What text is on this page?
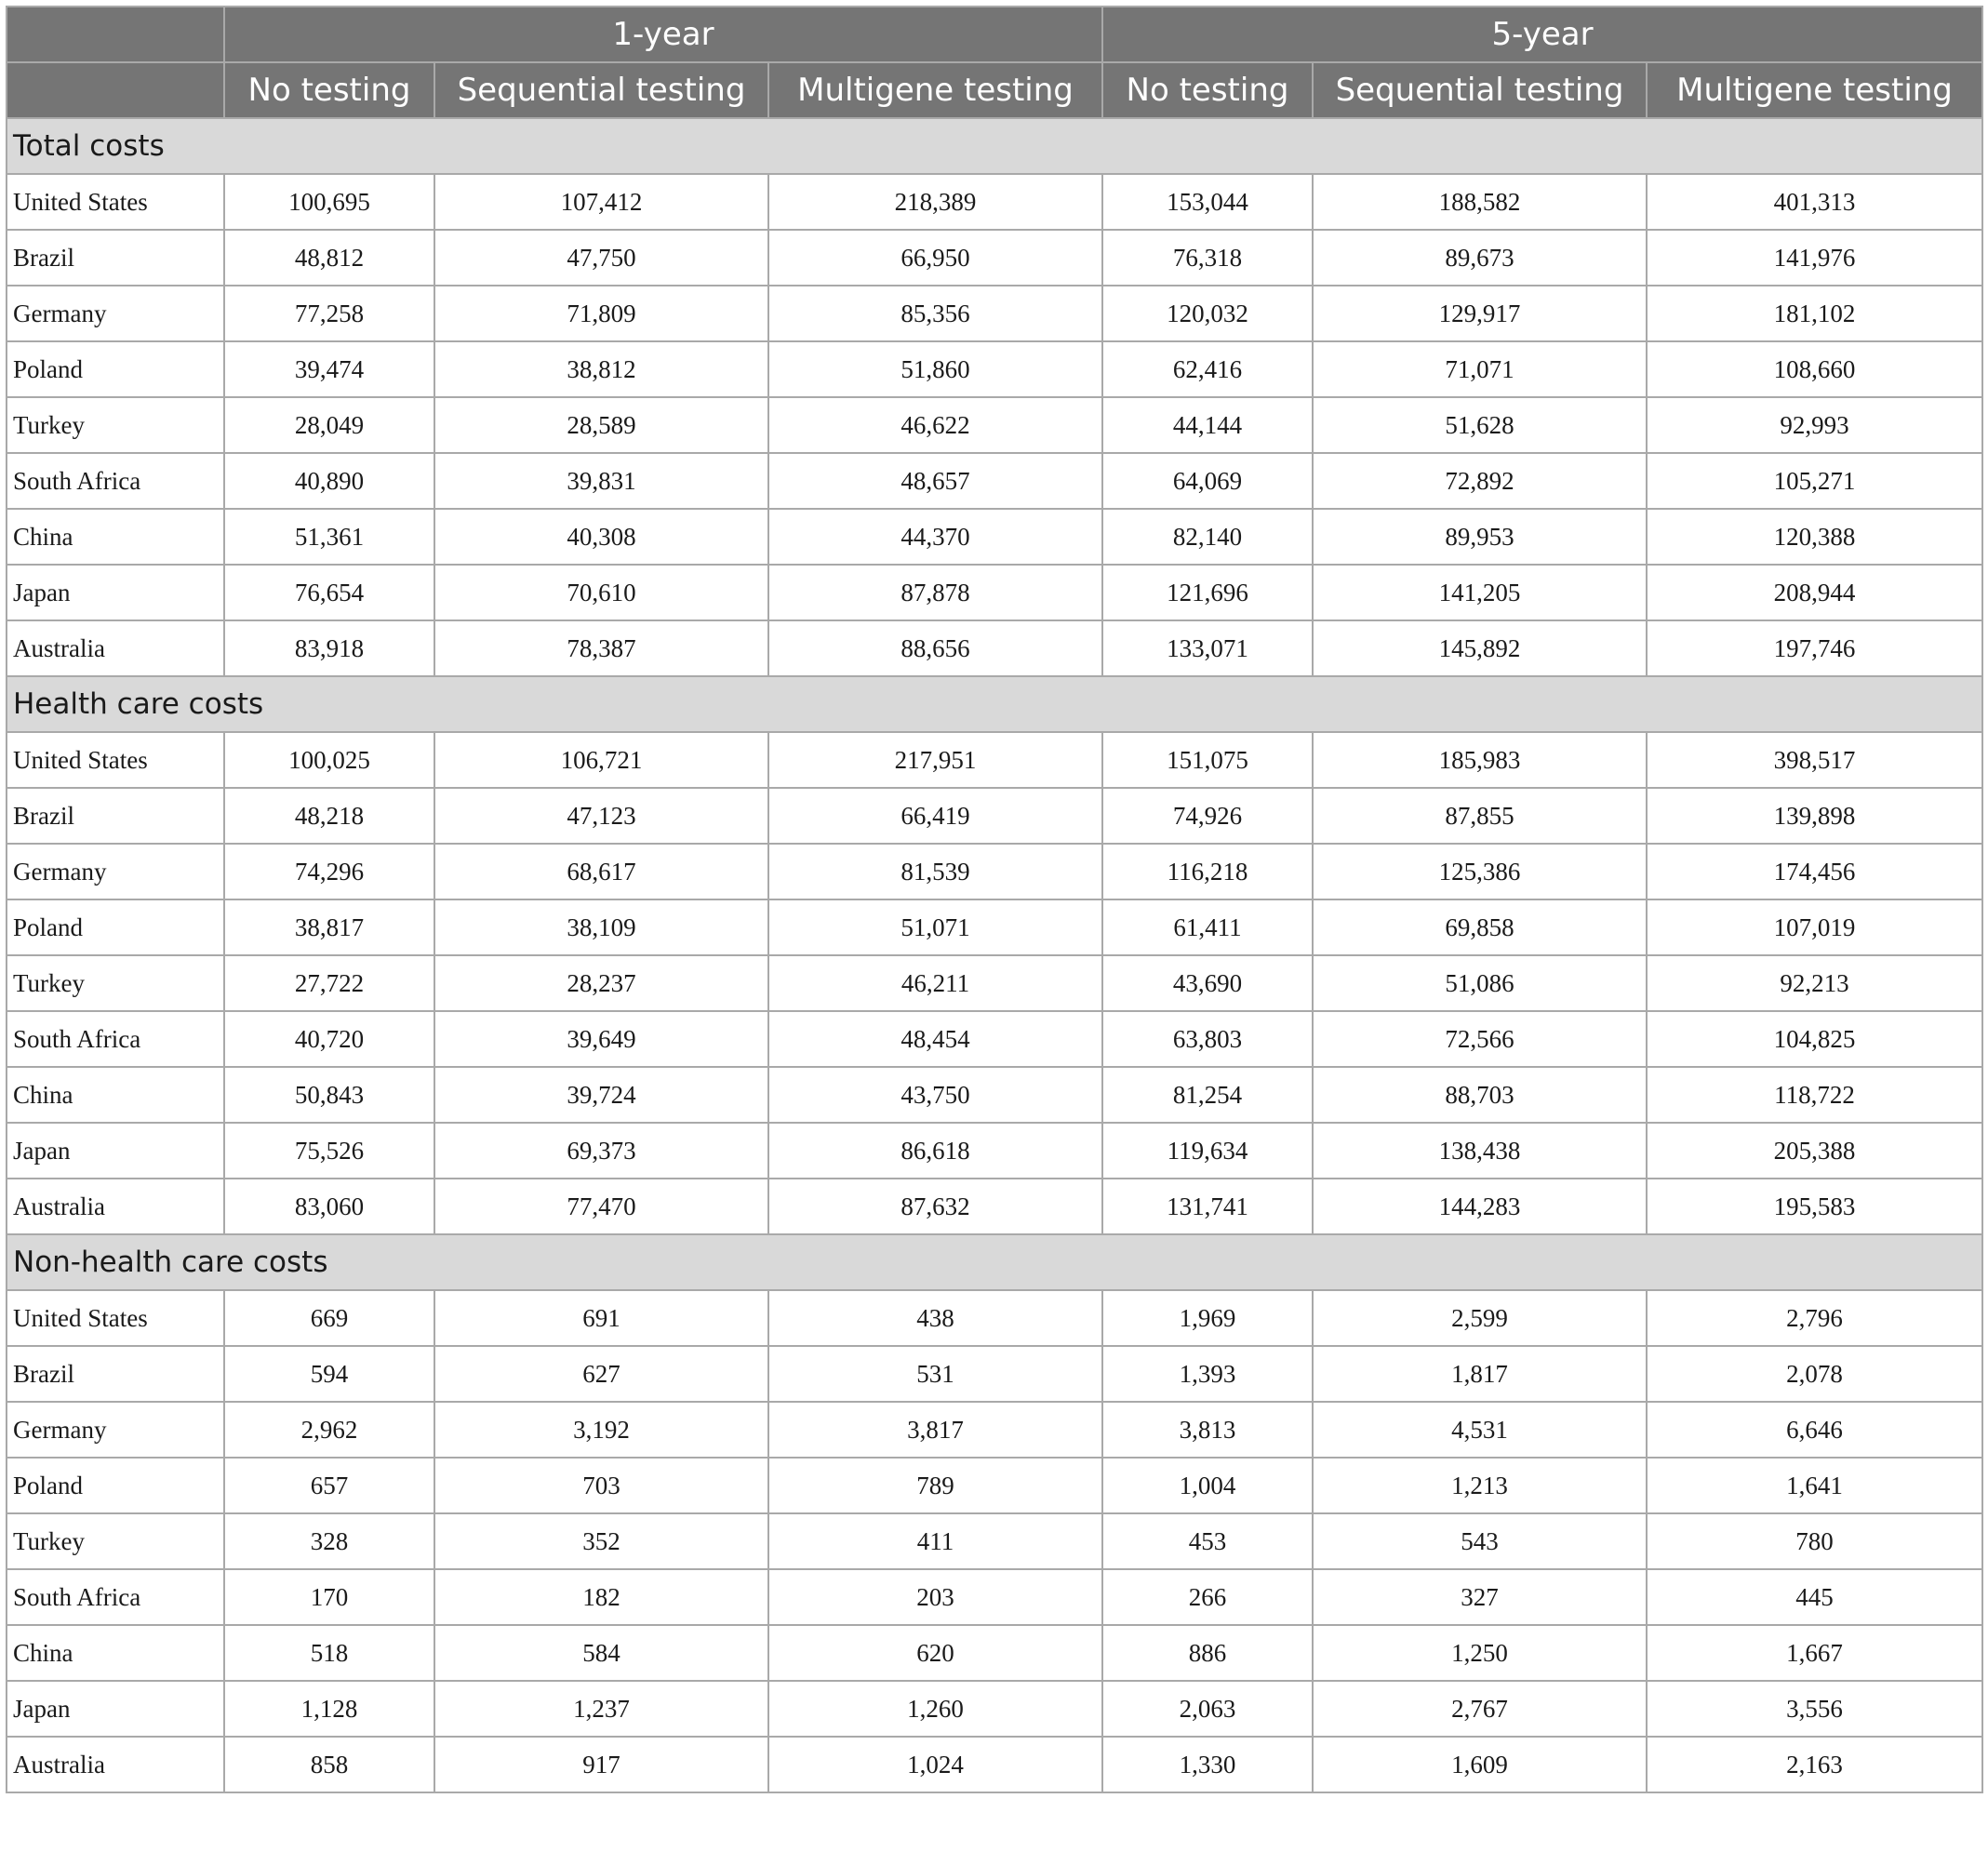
	1-year			5-year		
	No testing	Sequential testing	Multigene testing	No testing	Sequential testing	Multigene testing
Total costs						
United States	100,695	107,412	218,389	153,044	188,582	401,313
Brazil	48,812	47,750	66,950	76,318	89,673	141,976
Germany	77,258	71,809	85,356	120,032	129,917	181,102
Poland	39,474	38,812	51,860	62,416	71,071	108,660
Turkey	28,049	28,589	46,622	44,144	51,628	92,993
South Africa	40,890	39,831	48,657	64,069	72,892	105,271
China	51,361	40,308	44,370	82,140	89,953	120,388
Japan	76,654	70,610	87,878	121,696	141,205	208,944
Australia	83,918	78,387	88,656	133,071	145,892	197,746
Health care costs						
United States	100,025	106,721	217,951	151,075	185,983	398,517
Brazil	48,218	47,123	66,419	74,926	87,855	139,898
Germany	74,296	68,617	81,539	116,218	125,386	174,456
Poland	38,817	38,109	51,071	61,411	69,858	107,019
Turkey	27,722	28,237	46,211	43,690	51,086	92,213
South Africa	40,720	39,649	48,454	63,803	72,566	104,825
China	50,843	39,724	43,750	81,254	88,703	118,722
Japan	75,526	69,373	86,618	119,634	138,438	205,388
Australia	83,060	77,470	87,632	131,741	144,283	195,583
Non-health care costs						
United States	669	691	438	1,969	2,599	2,796
Brazil	594	627	531	1,393	1,817	2,078
Germany	2,962	3,192	3,817	3,813	4,531	6,646
Poland	657	703	789	1,004	1,213	1,641
Turkey	328	352	411	453	543	780
South Africa	170	182	203	266	327	445
China	518	584	620	886	1,250	1,667
Japan	1,128	1,237	1,260	2,063	2,767	3,556
Australia	858	917	1,024	1,330	1,609	2,163
